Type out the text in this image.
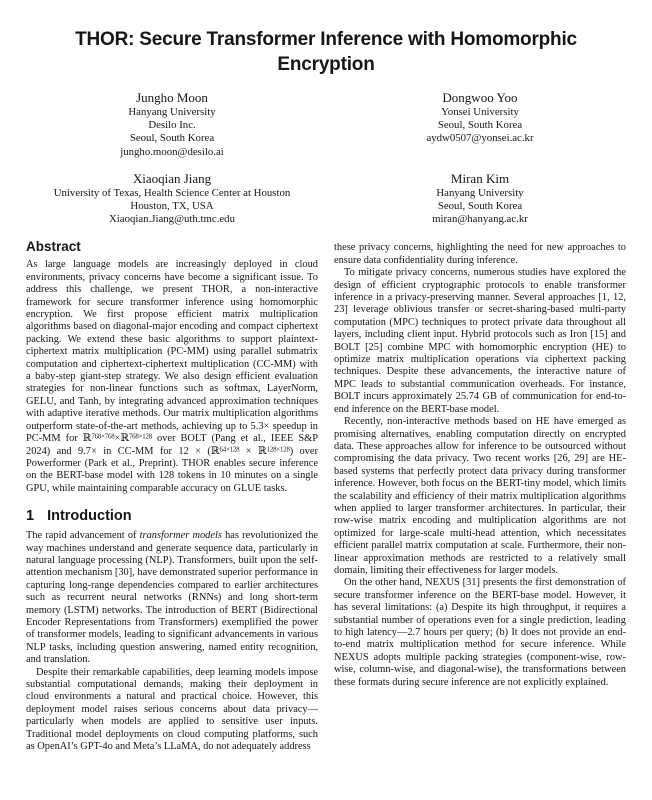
THOR: Secure Transformer Inference with Homomorphic Encryption
Jungho Moon
Hanyang University
Desilo Inc.
Seoul, South Korea
jungho.moon@desilo.ai
Dongwoo Yoo
Yonsei University
Seoul, South Korea
aydw0507@yonsei.ac.kr
Xiaoqian Jiang
University of Texas, Health Science Center at Houston
Houston, TX, USA
Xiaoqian.Jiang@uth.tmc.edu
Miran Kim
Hanyang University
Seoul, South Korea
miran@hanyang.ac.kr
Abstract

As large language models are increasingly deployed in cloud environments, privacy concerns have become a significant issue. To address this challenge, we present THOR, a non-interactive framework for secure transformer inference using homomorphic encryption. We first propose efficient matrix multiplication algorithms based on diagonal-major encoding and compact ciphertext packing. We extend these basic algorithms to support plaintext-ciphertext matrix multiplication (PC-MM) using parallel submatrix computation and ciphertext-ciphertext multiplication (CC-MM) with a baby-step giant-step strategy. We also design efficient evaluation strategies for non-linear functions such as softmax, LayerNorm, GELU, and Tanh, by integrating advanced approximation techniques with adaptive iterative methods. Our matrix multiplication algorithms outperform state-of-the-art methods, achieving up to 5.3× speedup in PC-MM for ℝ$^{768\times 768}$×ℝ$^{768\times 128}$ over BOLT (Pang et al., IEEE S&P 2024) and 9.7× in CC-MM for 12 × (ℝ$^{64\times 128}$ × ℝ$^{128\times 128}$) over Powerformer (Park et al., Preprint). THOR enables secure inference on the BERT-base model with 128 tokens in 10 minutes on a single GPU, while maintaining comparable accuracy on GLUE tasks.

1 Introduction

The rapid advancement of transformer models has revolutionized the way machines understand and generate sequence data, particularly in natural language processing (NLP). Transformers, built upon the self-attention mechanism [30], have demonstrated superior performance in capturing long-range dependencies compared to earlier architectures such as recurrent neural networks (RNNs) and long short-term memory (LSTM) networks. The introduction of BERT (Bidirectional Encoder Representations from Transformers) exemplified the power of transformer models, leading to significant advancements in various NLP tasks, including question answering, named entity recognition, and translation.

Despite their remarkable capabilities, deep learning models impose substantial computational demands, making their deployment in cloud environments a natural and practical choice. However, this deployment model raises serious concerns about data privacy—particularly when models are applied to sensitive user inputs. Traditional model deployments on cloud computing platforms, such as OpenAI’s GPT-4o and Meta’s LLaMA, do not adequately address

these privacy concerns, highlighting the need for new approaches to ensure data confidentiality during inference.

To mitigate privacy concerns, numerous studies have explored the design of efficient cryptographic protocols to enable transformer inference in a privacy-preserving manner. Several approaches [1, 12, 23] leverage oblivious transfer or secret-sharing-based multi-party computation (MPC) techniques to protect private data throughout all layers, including client input. Hybrid protocols such as Iron [15] and BOLT [25] combine MPC with homomorphic encryption (HE) to optimize matrix multiplication operations via ciphertext packing techniques. Despite these advancements, the interactive nature of MPC leads to substantial communication overheads. For instance, BOLT incurs approximately 25.74 GB of communication for end-to-end inference on the BERT-base model.

Recently, non-interactive methods based on HE have emerged as promising alternatives, enabling computation directly on encrypted data. These approaches allow for inference to be outsourced without compromising the data privacy. Two recent works [26, 29] are HE-based systems that perfectly protect data privacy during transformer inference. However, both focus on the BERT-tiny model, which limits the scalability and efficiency of their matrix multiplication algorithms when applied to larger transformer architectures. In particular, their row-wise matrix encoding and multiplication algorithms are not optimized for large-scale multi-head attention, which necessitates efficient parallel matrix computation at scale. Furthermore, their non-linear approximation methods are restricted to a relatively small domain, limiting their effectiveness for larger models.

On the other hand, NEXUS [31] presents the first demonstration of secure transformer inference on the BERT-base model. However, it has several limitations: (a) Despite its high throughput, it requires a substantial number of operations even for a single prediction, leading to high latency—2.7 hours per query; (b) It does not provide an end-to-end matrix multiplication method for secure inference. While NEXUS adopts multiple packing strategies (component-wise, row-wise, column-wise, and diagonal-wise), the transformations between these formats during secure inference are not explicitly explained.
